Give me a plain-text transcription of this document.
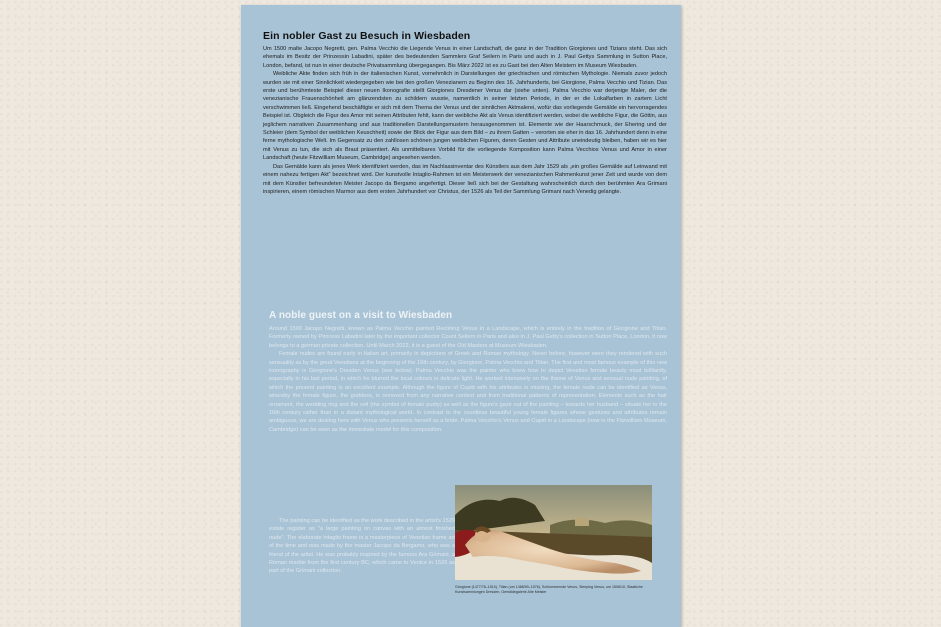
Ein nobler Gast zu Besuch in Wiesbaden

Um 1500 malte Jacopo Negretti, gen. Palma Vecchio die Liegende Venus in einer Landschaft, die ganz in der Tradition Giorgiones und Tizians steht. Das sich ehemals im Besitz der Prinzessin Labadini, später des bedeutenden Sammlers Graf Seilern in Paris und auch in J. Paul Gettys Sammlung in Sutton Place, London, befand, ist nun in einer deutsche Privatsammlung übergegangen. Bis März 2022 ist es zu Gast bei den Alten Meistern im Museum Wiesbaden.

Weibliche Akte finden sich früh in der italienischen Kunst, vornehmlich in Darstellungen der griechischen und römischen Mythologie. Niemals zuvor jedoch wurden sie mit einer Sinnlichkeit wiedergegeben wie bei den großen Venezianern zu Beginn des 16. Jahrhunderts, bei Giorgione, Palma Vecchio und Tizian. Das erste und berühmteste Beispiel dieser neuen Ikonografie stellt Giorgiones Dresdener Venus dar (siehe unten). Palma Vecchio war derjenige Maler, der die venezianische Frauenschönheit am glänzendsten zu schildern wusste, namentlich in seiner letzten Periode, in der er die Lokalfarben in zartem Licht verschwimmen ließ. Eingehend beschäftigte er sich mit dem Thema der Venus und der sinnlichen Aktmalerei, wofür das vorliegende Gemälde ein hervorragendes Beispiel ist. Obgleich die Figur des Amor mit seinen Attributen fehlt, kann der weibliche Akt als Venus identifiziert werden, wobei die weibliche Figur, die Göttin, aus jeglichem narrativen Zusammenhang und aus traditionellen Darstellungsmustern herausgenommen ist. Elemente wie der Haarschmuck, der Ehering und der Schleier (dem Symbol der weiblichen Keuschheit) sowie der Blick der Figur aus dem Bild – zu ihrem Gatten – verorten sie eher in das 16. Jahrhundert denn in eine ferne mythologische Welt. Im Gegensatz zu den zahllosen schönen jungen weiblichen Figuren, deren Gesten und Attribute uneindeutig bleiben, haben wir es hier mit Venus zu tun, die sich als Braut präsentiert. Als unmittelbares Vorbild für die vorliegende Komposition kann Palma Vecchios Venus und Amor in einer Landschaft (heute Fitzwilliam Museum, Cambridge) angesehen werden.

Das Gemälde kann als jenes Werk identifiziert werden, das im Nachlassinventar des Künstlers aus dem Jahr 1529 als „ein großes Gemälde auf Leinwand mit einem nahezu fertigen Akt“ bezeichnet wird. Der kunstvolle Intaglio-Rahmen ist ein Meisterwerk der venezianischen Rahmenkunst jener Zeit und wurde von dem mit dem Künstler befreundeten Meister Jacopo da Bergamo angefertigt. Dieser ließ sich bei der Gestaltung wahrscheinlich durch den berühmten Ara Grimani inspirieren, einem römischen Marmor aus dem ersten Jahrhundert vor Christus, der 1526 als Teil der Sammlung Grimani nach Venedig gelangte.

A noble guest on a visit to Wiesbaden

Around 1500 Jacopo Negretti, known as Palma Vecchio painted Reclining Venus in a Landscape, which is entirely in the tradition of Giorgione and Titian. Formerly owned by Princess Labadini later by the important collector Count Seilern in Paris and also in J. Paul Getty's collection in Sutton Place, London, it now belongs to a german private collection. Until March 2022, it is a guest of the Old Masters at Museum Wiesbaden.

Female nudes are found early in Italian art, primarily in depictions of Greek and Roman mythology. Never before, however were they rendered with such sensuality as by the great Venetians at the beginning of the 16th century, by Giorgione, Palma Vecchio and Titian. The first and most famous example of this new iconography is Giorgione's Dresden Venus (see below). Palma Vecchio was the painter who knew how to depict Venetian female beauty most brilliantly, especially in his last period, in which he blurred the local colours in delicate light. He worked intensively on the theme of Venus and sensual nude painting, of which the present painting is an excellent example. Although the figure of Cupid with his attributes is missing, the female nude can be identified as Venus, whereby the female figure, the goddess, is removed from any narrative context and from traditional patterns of representation. Elements such as the hair ornament, the wedding ring and the veil (the symbol of female purity) as well as the figure's gaze out of the painting – towards her husband – situate her in the 16th century rather than in a distant mythological world. In contrast to the countless beautiful young female figures whose gestures and attributes remain ambiguous, we are dealing here with Venus who presents herself as a bride. Palma Vecchio's Venus and Cupid in a Landscape (now in the Fitzwilliam Museum, Cambridge) can be seen as the immediate model for this composition.

The painting can be identified as the work described in the artist's 1529 estate register as "a large painting on canvas with an almost finished nude". The elaborate intaglio frame is a masterpiece of Venetian frame art of the time and was made by the master Jacopo da Bergamo, who was a friend of the artist. He was probably inspired by the famous Ara Grimani, a Roman marble from the first century BC, which came to Venice in 1526 as part of the Grimani collection.

Giorgione (1477/78–1510), Titian (um 1488/90–1576), Schlummernde Venus, Sleeping Venus, um 1508/10, Staatliche Kunstsammlungen Dresden, Gemäldegalerie Alte Meister
